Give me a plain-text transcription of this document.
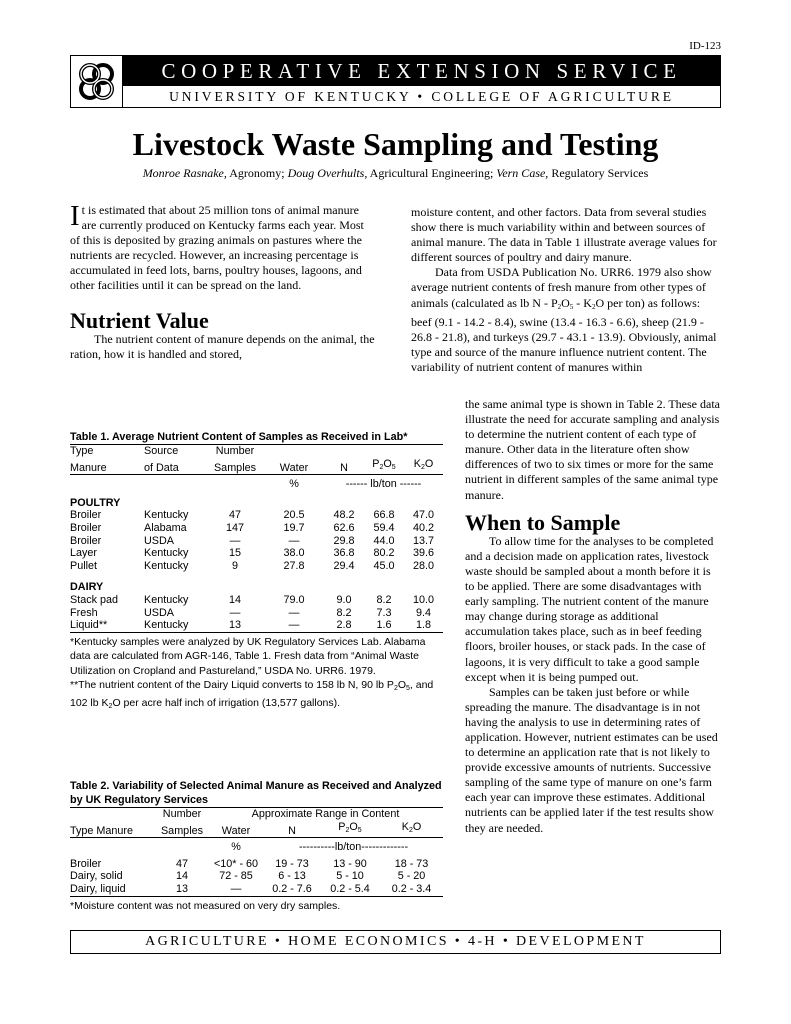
ID-123
COOPERATIVE EXTENSION SERVICE
UNIVERSITY OF KENTUCKY • COLLEGE OF AGRICULTURE
Livestock Waste Sampling and Testing
Monroe Rasnake, Agronomy; Doug Overhults, Agricultural Engineering; Vern Case, Regulatory Services

It is estimated that about 25 million tons of animal manure are currently produced on Kentucky farms each year. Most of this is deposited by grazing animals on pastures where the nutrients are recycled. However, an increasing percentage is accumulated in feed lots, barns, poultry houses, lagoons, and other facilities until it can be spread on the land.

Nutrient Value

The nutrient content of manure depends on the animal, the ration, how it is handled and stored,

moisture content, and other factors. Data from several studies show there is much variability within and between sources of animal manure. The data in Table 1 illustrate average values for different sources of poultry and dairy manure.

Data from USDA Publication No. URR6. 1979 also show average nutrient contents of fresh manure from other types of animals (calculated as lb N - $P_2O_5 - K_2O$ per ton) as follows: beef (9.1 - 14.2 - 8.4), swine (13.4 - 16.3 - 6.6), sheep (21.9 - 26.8 - 21.8), and turkeys (29.7 - 43.1 - 13.9). Obviously, animal type and source of the manure influence nutrient content. The variability of nutrient content of manures within

the same animal type is shown in Table 2. These data illustrate the need for accurate sampling and analysis to determine the nutrient content of each type of manure. Other data in the literature often show differences of two to six times or more for the same nutrient in different samples of the same animal type manure.

When to Sample

To allow time for the analyses to be completed and a decision made on application rates, livestock waste should be sampled about a month before it is to be applied. There are some disadvantages with early sampling. The nutrient content of the manure may change during storage as additional accumulation takes place, such as in beef feeding floors, broiler houses, or stack pads. In the case of lagoons, it is very difficult to take a good sample except when it is being pumped out.

Samples can be taken just before or while spreading the manure. The disadvantage is in not having the analysis to use in determining rates of application. However, nutrient estimates can be used to determine an application rate that is not likely to provide excessive amounts of nutrients. Successive sampling of the same type of manure on one’s farm each year can improve these estimates. Additional nutrients can be applied later if the test results show they are needed.

Table 1. Average Nutrient Content of Samples as Received in Lab*
Type	Source	Number				
Manure	of Data	Samples	Water	N	$P_2O_5$	$K_2O$
			%	------ lb/ton ------		

POULTRY						
Broiler	Kentucky	47	20.5	48.2	66.8	47.0
Broiler	Alabama	147	19.7	62.6	59.4	40.2
Broiler	USDA	—	—	29.8	44.0	13.7
Layer	Kentucky	15	38.0	36.8	80.2	39.6
Pullet	Kentucky	9	27.8	29.4	45.0	28.0

DAIRY						
Stack pad	Kentucky	14	79.0	9.0	8.2	10.0
Fresh	USDA	—	—	8.2	7.3	9.4
Liquid**	Kentucky	13	—	2.8	1.6	1.8
*Kentucky samples were analyzed by UK Regulatory Services Lab. Alabama data are calculated from AGR-146, Table 1. Fresh data from “Animal Waste Utilization on Cropland and Pastureland,” USDA No. URR6. 1979.
**The nutrient content of the Dairy Liquid converts to 158 lb N, 90 lb $P_2O_5$, and 102 lb $K_2O$ per acre half inch of irrigation (13,577 gallons).
Table 2. Variability of Selected Animal Manure as Received and Analyzed by UK Regulatory Services
	Number	Approximate Range in Content			
Type Manure	Samples	Water	N	$P_2O_5$	$K_2O$
		%	----------lb/ton-------------		

Broiler	47	<10* - 60	19 - 73	13 - 90	18 - 73
Dairy, solid	14	72 - 85	6 - 13	5 - 10	5 - 20
Dairy, liquid	13	—	0.2 - 7.6	0.2 - 5.4	0.2 - 3.4
*Moisture content was not measured on very dry samples.
AGRICULTURE • HOME ECONOMICS • 4-H • DEVELOPMENT
